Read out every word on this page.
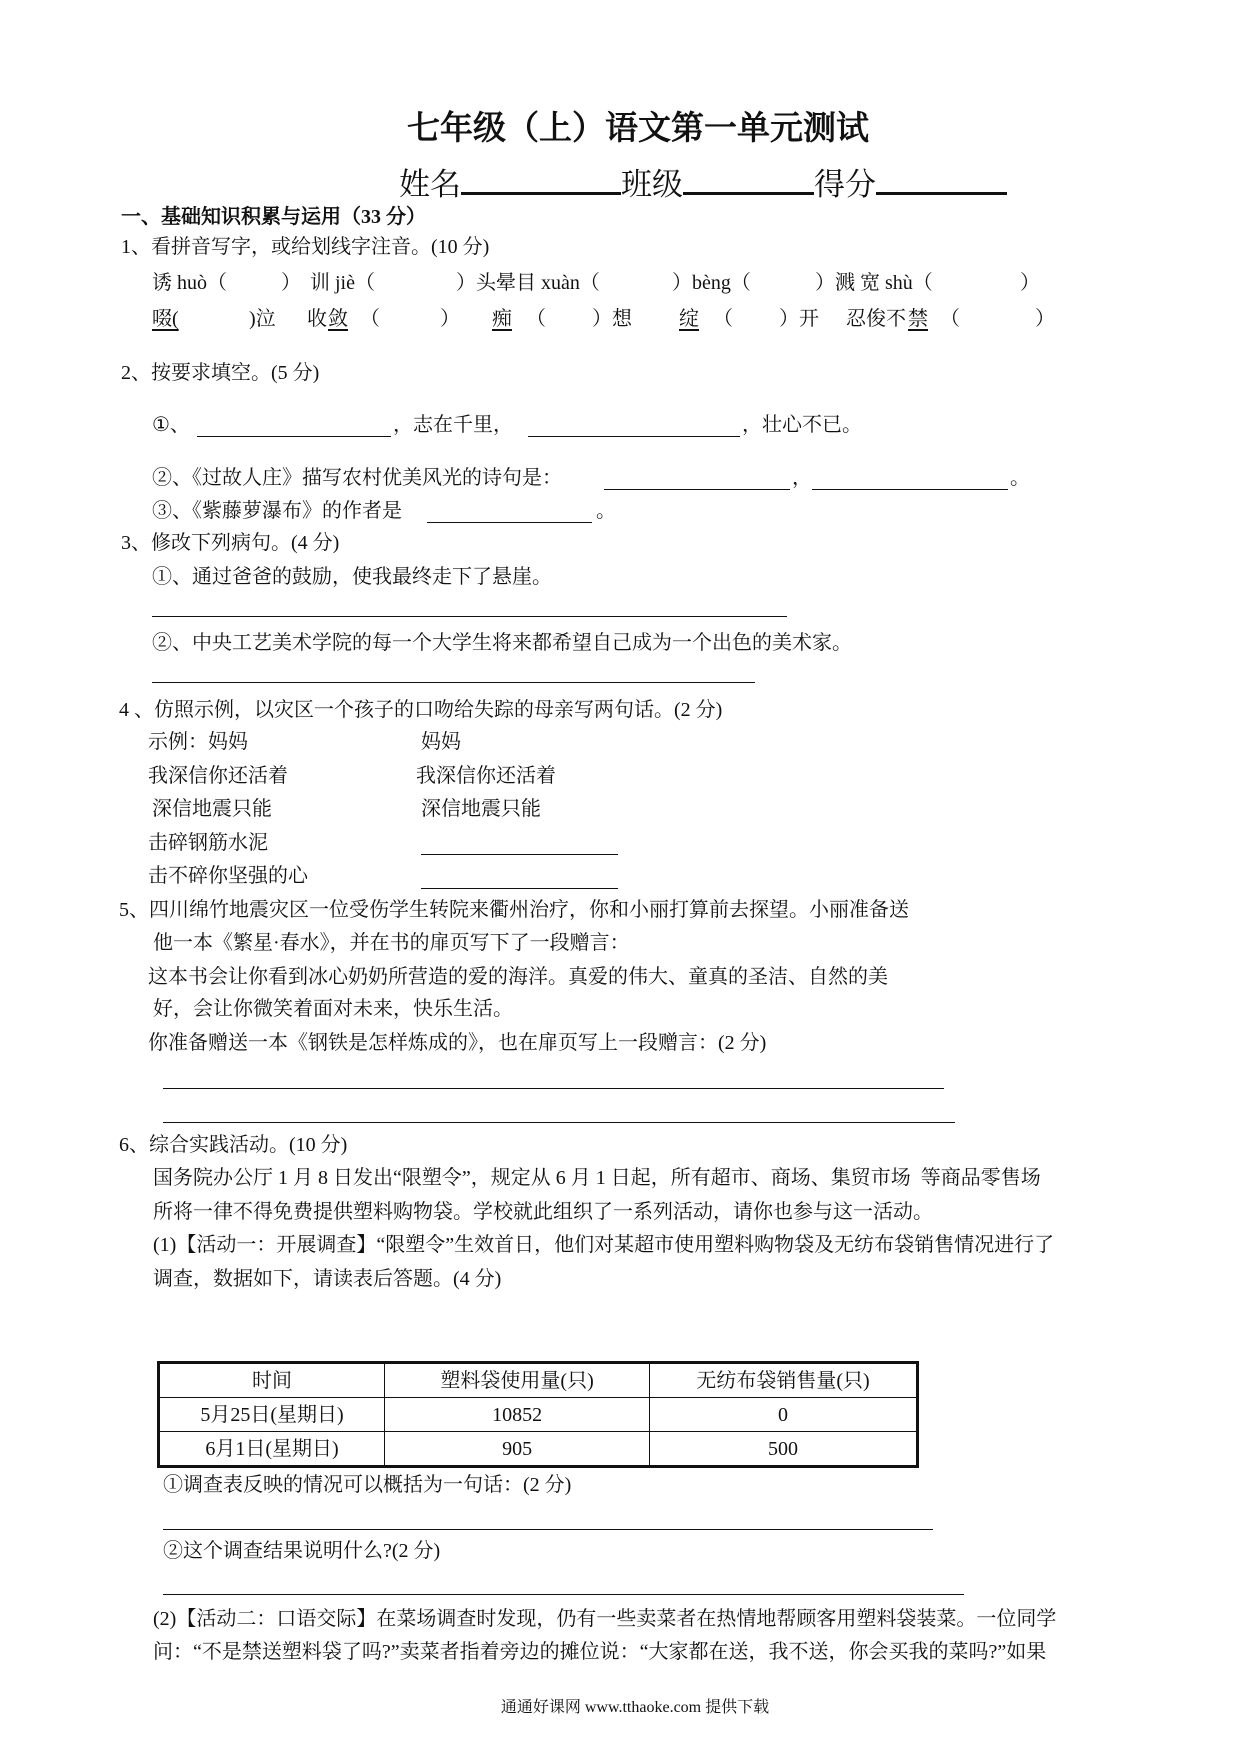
七年级（上）语文第一单元测试
姓名	班级	得分
一、基础知识积累与运用（33 分）
1、看拼音写字，或给划线字注音。(10 分)
诱 huò（	） 训 jiè（	）头晕目 xuàn（	）bèng（	）溅 宽 shù（	）
啜(	)泣 收 敛 （	） 痴 （ ）想 绽 （ ）开 忍俊不 禁 （	）
2、按要求填空。(5 分)
①、	，志在千里，	，壮心不已。
②、《过故人庄》描写农村优美风光的诗句是：	，	。
③、《紫藤萝瀑布》的作者是	。
3、修改下列病句。(4 分)
①、通过爸爸的鼓励，使我最终走下了悬崖。
②、中央工艺美术学院的每一个大学生将来都希望自己成为一个出色的美术家。
4 、仿照示例，以灾区一个孩子的口吻给失踪的母亲写两句话。(2 分)
示例：妈妈
我深信你还活着
深信地震只能
击碎钢筋水泥
击不碎你坚强的心
妈妈
我深信你还活着
深信地震只能
5、四川绵竹地震灾区一位受伤学生转院来衢州治疗，你和小丽打算前去探望。小丽准备送
他一本《繁星·春水》，并在书的扉页写下了一段赠言：
这本书会让你看到冰心奶奶所营造的爱的海洋。真爱的伟大、童真的圣洁、自然的美
好，会让你微笑着面对未来，快乐生活。
你准备赠送一本《钢铁是怎样炼成的》，也在扉页写上一段赠言：(2 分)
6、综合实践活动。(10 分)
国务院办公厅 1 月 8 日发出“限塑令”，规定从 6 月 1 日起，所有超市、商场、集贸市场  等商品零售场
所将一律不得免费提供塑料购物袋。学校就此组织了一系列活动，请你也参与这一活动。
(1)【活动一：开展调查】“限塑令”生效首日，他们对某超市使用塑料购物袋及无纺布袋销售情况进行了
调查，数据如下，请读表后答题。(4 分)
时间	塑料袋使用量(只)	无纺布袋销售量(只)
5月25日(星期日)	10852	0
6月1日(星期日)	905	500
①调查表反映的情况可以概括为一句话：(2 分)
②这个调查结果说明什么?(2 分)
(2)【活动二：口语交际】在菜场调查时发现，仍有一些卖菜者在热情地帮顾客用塑料袋装菜。一位同学
问：“不是禁送塑料袋了吗?”卖菜者指着旁边的摊位说：“大家都在送，我不送，你会买我的菜吗?”如果
通通好课网 www.tthaoke.com 提供下载
